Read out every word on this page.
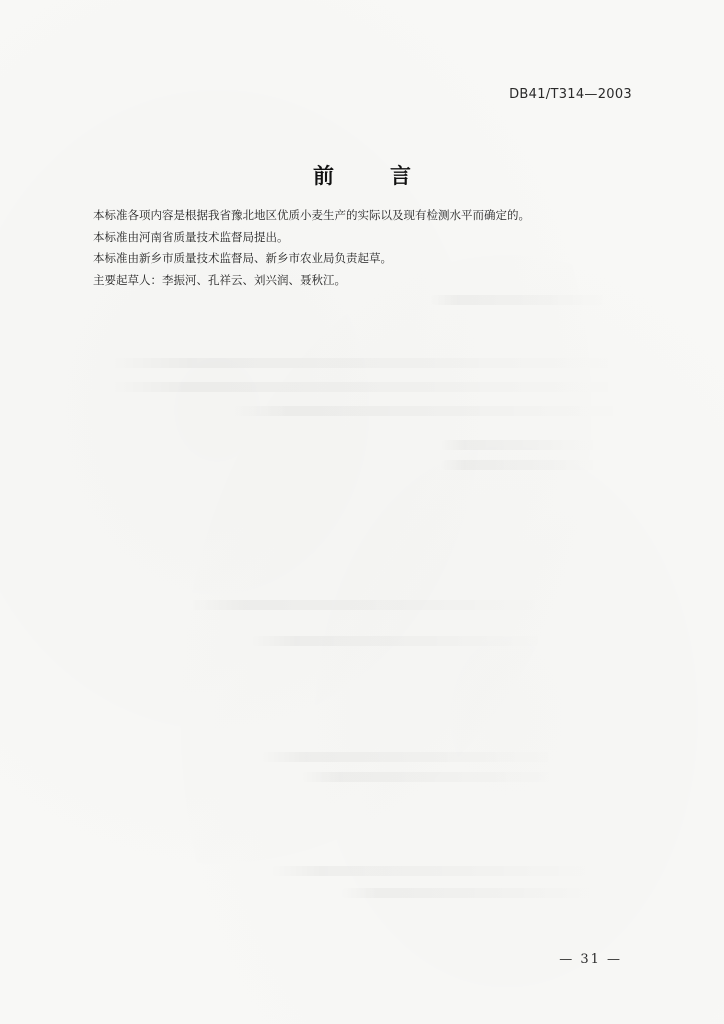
DB41/T314—2003
前言

本标准各项内容是根据我省豫北地区优质小麦生产的实际以及现有检测水平而确定的。

本标准由河南省质量技术监督局提出。

本标准由新乡市质量技术监督局、新乡市农业局负责起草。

主要起草人：李振河、孔祥云、刘兴润、聂秋江。

— 31 —
